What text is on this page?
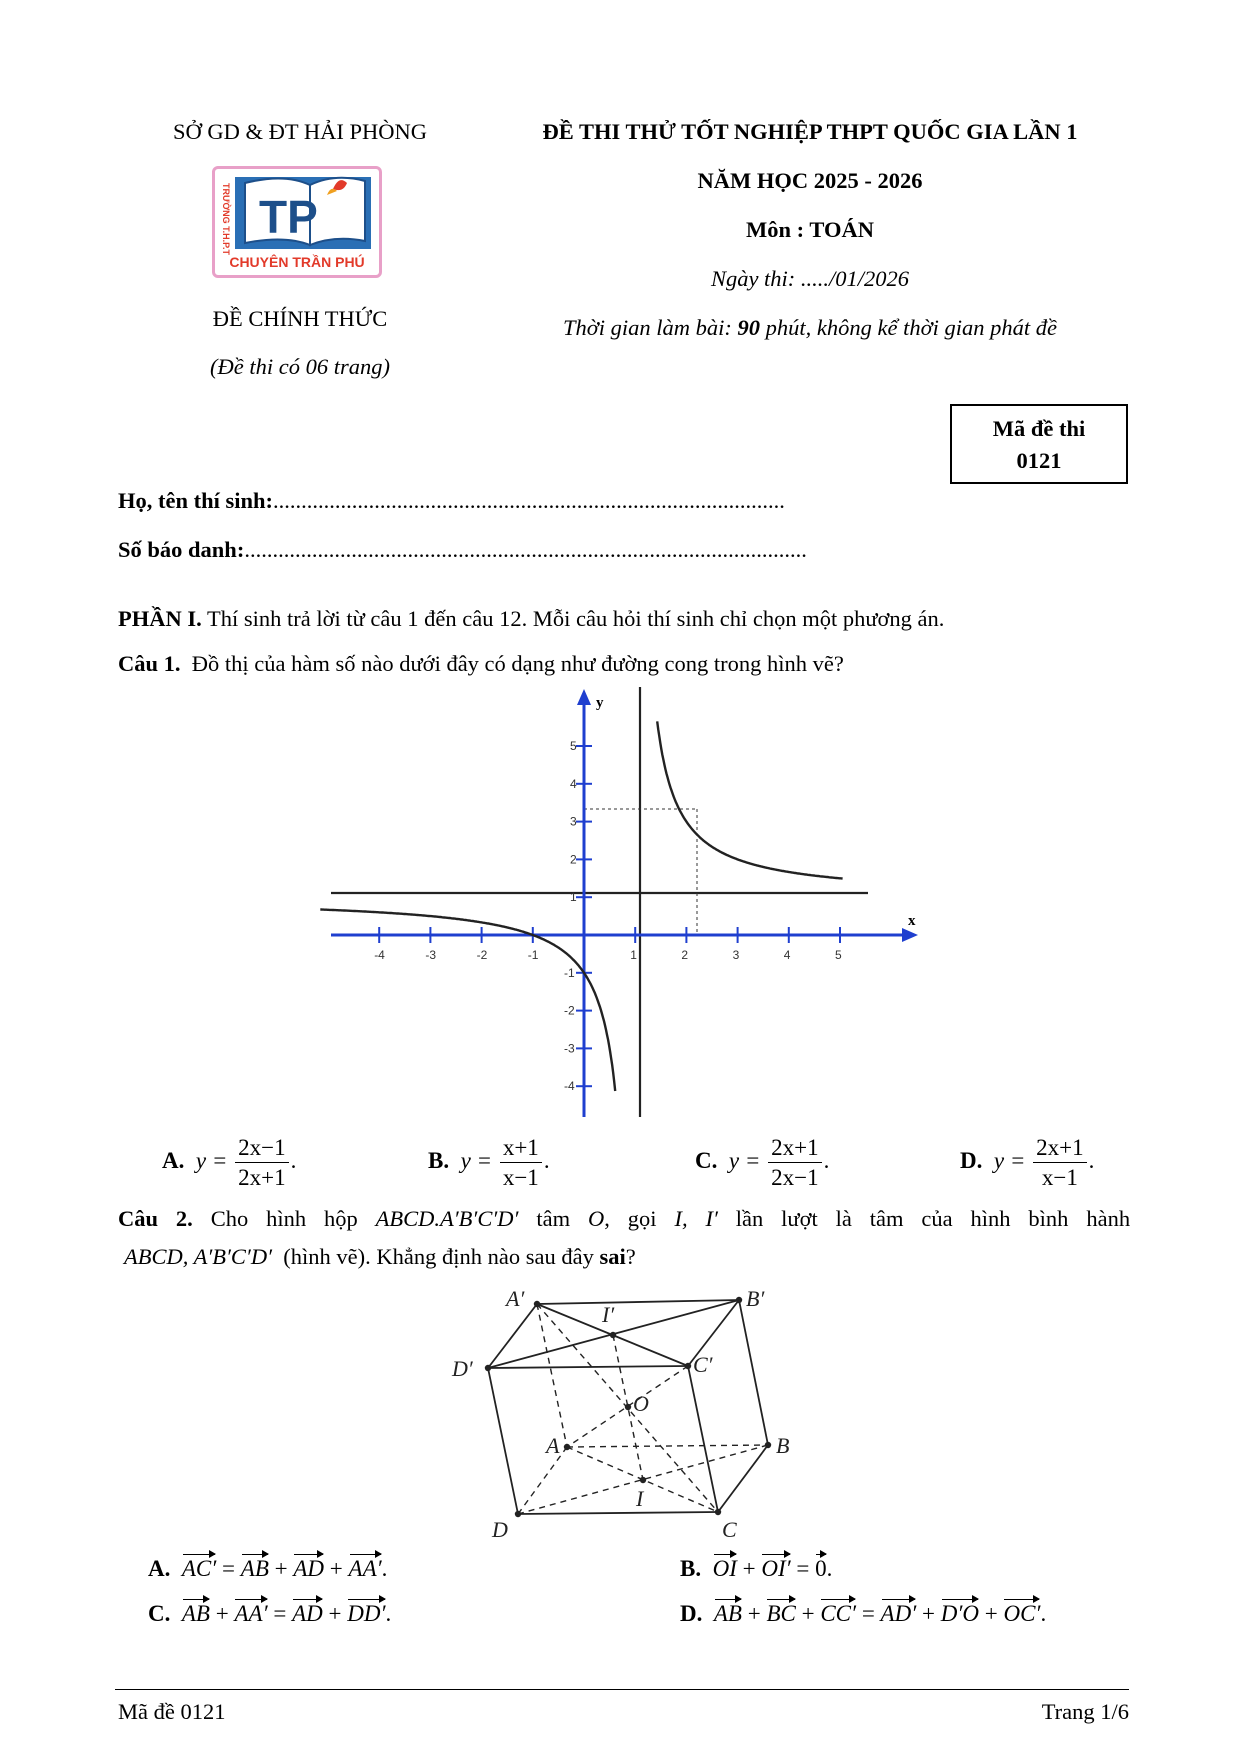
SỞ GD & ĐT HẢI PHÒNG
TP
CHUYÊN TRẦN PHÚ
TRƯỜNG T.H.P.T
ĐỀ CHÍNH THỨC
(Đề thi có 06 trang)
ĐỀ THI THỬ TỐT NGHIỆP THPT QUỐC GIA LẦN 1
NĂM HỌC 2025 - 2026
Môn : TOÁN
Ngày thi: ...../01/2026
Thời gian làm bài: 90 phút, không kể thời gian phát đề
Mã đề thi
0121
Họ, tên thí sinh:...........................................................................................
Số báo danh:....................................................................................................
PHẦN I. Thí sinh trả lời từ câu 1 đến câu 12. Mỗi câu hỏi thí sinh chỉ chọn một phương án.
Câu 1. Đồ thị của hàm số nào dưới đây có dạng như đường cong trong hình vẽ?
-4	-3	-2	-1	1	2	3	4	5
5
4
3
2
1
-1
-2
-3
-4
x
y
A. $y = \frac{2x-1}{2x+1}$ .	B. $y = \frac{x+1}{x-1}$ .	C. $y = \frac{2x+1}{2x-1}$ .	D. $y = \frac{2x+1}{x-1}$ .
Câu 2. Cho hình hộp ABCD.A′B′C′D′ tâm O, gọi I, I′ lần lượt là tâm của hình bình hành
ABCD, A′B′C′D′ (hình vẽ). Khẳng định nào sau đây sai?
A′	B′
C′
D′
I′
O
A	B
C
D
I
A. AC′ = AB + AD + AA′.	B. OI + OI′ = 0.
C. AB + AA′ = AD + DD′.	D. AB + BC + CC′ = AD′ + D′O + OC′.
Mã đề 0121	Trang 1/6
